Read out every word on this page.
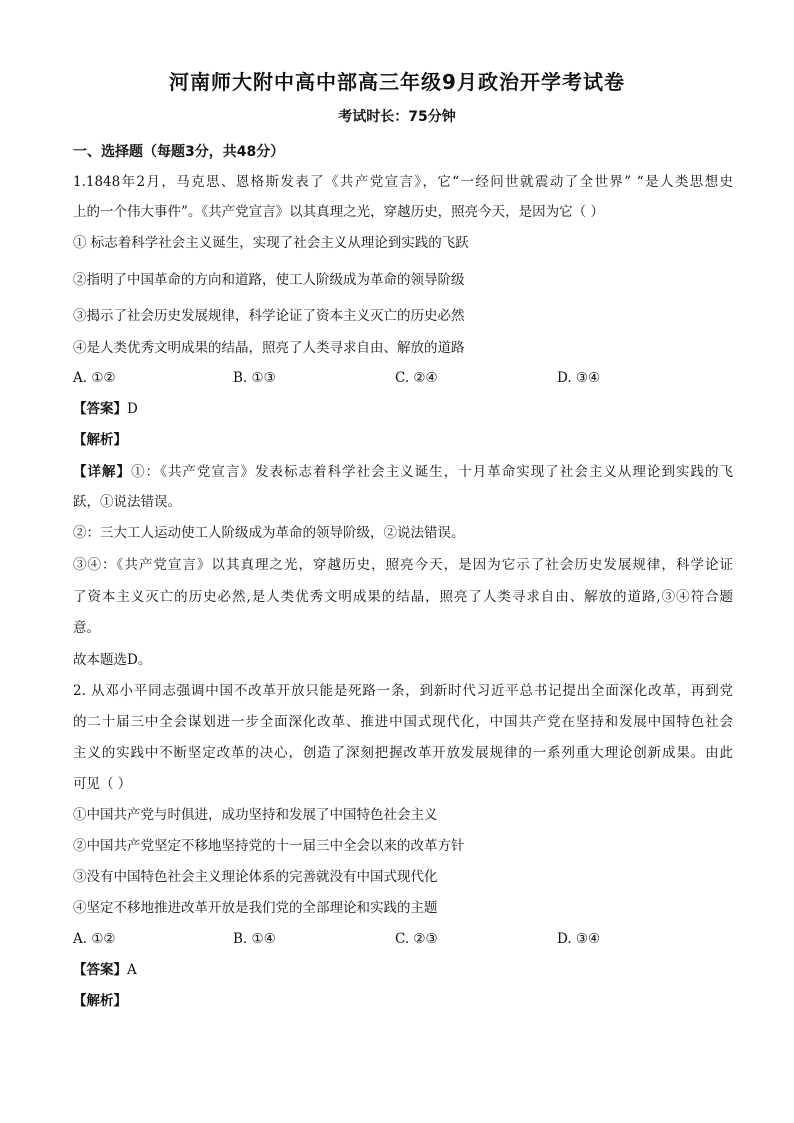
河南师大附中高中部高三年级9月政治开学考试卷
考试时长：75分钟
一、选择题（每题3分，共48分）
1.1848年2月，马克思、恩格斯发表了《共产党宣言》，它“一经问世就震动了全世界” “是人类思想史
上的一个伟大事件”。《共产党宣言》以其真理之光，穿越历史，照亮今天，是因为它（ ）
① 标志着科学社会主义诞生，实现了社会主义从理论到实践的飞跃
②指明了中国革命的方向和道路，使工人阶级成为革命的领导阶级
③揭示了社会历史发展规律，科学论证了资本主义灭亡的历史必然
④是人类优秀文明成果的结晶，照亮了人类寻求自由、解放的道路
A. ①②	B. ①③	C. ②④	D. ③④
【答案】D
【解析】
【详解】①：《共产党宣言》发表标志着科学社会主义诞生，十月革命实现了社会主义从理论到实践的飞
跃，①说法错误。
②：三大工人运动使工人阶级成为革命的领导阶级，②说法错误。
③④：《共产党宣言》以其真理之光，穿越历史，照亮今天，是因为它示了社会历史发展规律，科学论证
了资本主义灭亡的历史必然,是人类优秀文明成果的结晶，照亮了人类寻求自由、解放的道路,③④符合题
意。
故本题选D。
2. 从邓小平同志强调中国不改革开放只能是死路一条，到新时代习近平总书记提出全面深化改革，再到党
的二十届三中全会谋划进一步全面深化改革、推进中国式现代化，中国共产党在坚持和发展中国特色社会
主义的实践中不断坚定改革的决心，创造了深刻把握改革开放发展规律的一系列重大理论创新成果。由此
可见（ ）
①中国共产党与时俱进，成功坚持和发展了中国特色社会主义
②中国共产党坚定不移地坚持党的十一届三中全会以来的改革方针
③没有中国特色社会主义理论体系的完善就没有中国式现代化
④坚定不移地推进改革开放是我们党的全部理论和实践的主题
A. ①②	B. ①④	C. ②③	D. ③④
【答案】A
【解析】
